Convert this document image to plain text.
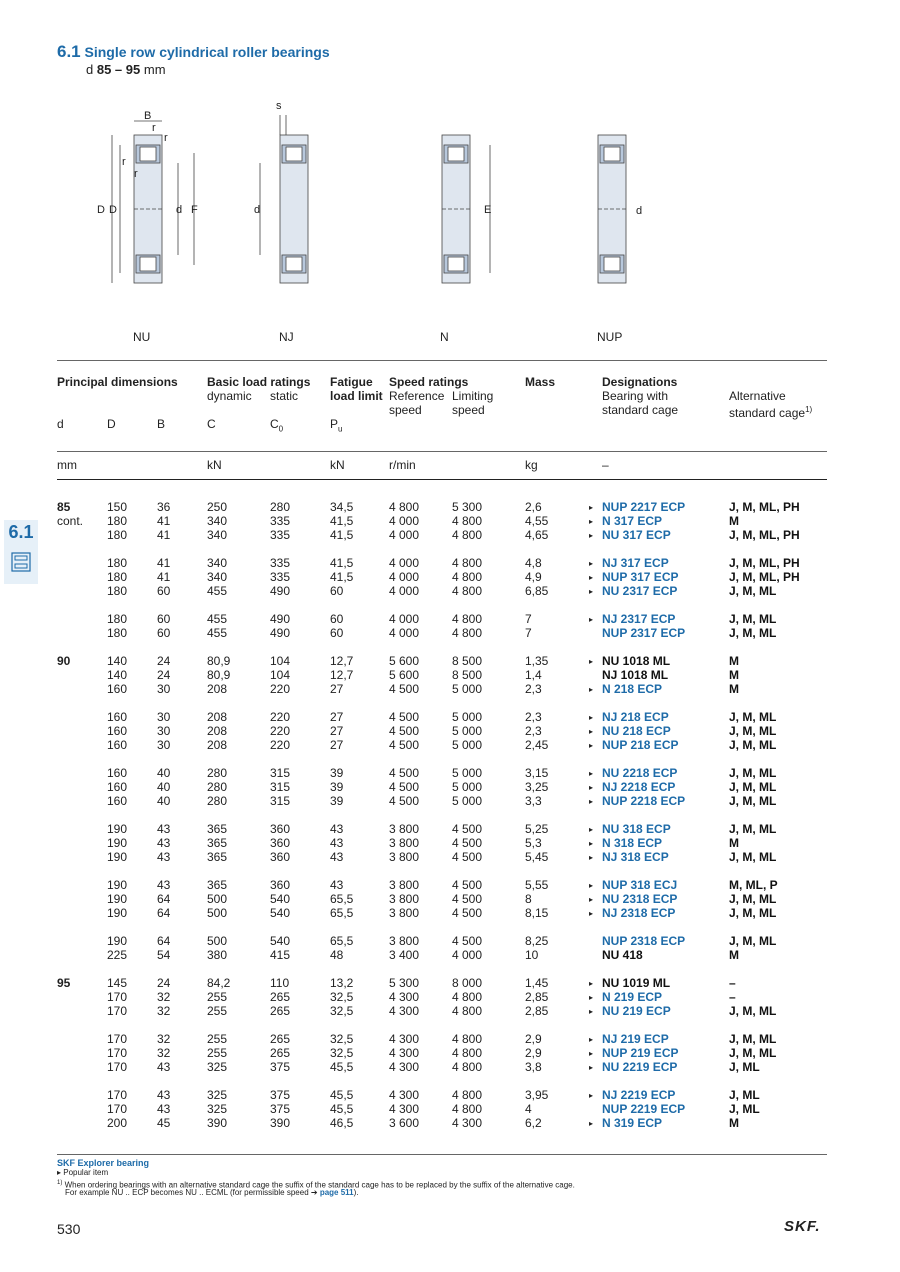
6.1 Single row cylindrical roller bearings
d 85 – 95 mm
B
r
r
r
r
D D	d F
s
d	E	d
NU	NJ	N	NUP
Principal dimensions Basic load ratings
dynamic static
Fatigue
load limit
Speed ratings
Reference
speed
Limiting
speed
Mass	Designations
Bearing with
standard cage
Alternative
standard cage$^{1)}$
d	D	B	C	$C_0$	$P_u$
mm	kN	kN	r/min	kg	–
6.1
85	150 36	250	280	34,5	4 800	5 300	2,6	▸ NUP 2217 ECP	J, M, ML, PH
cont. 180 41	340	335	41,5	4 000	4 800	4,55	▸ N 317 ECP	M
180 41	340	335	41,5	4 000	4 800	4,65	▸ NU 317 ECP	J, M, ML, PH
180 41	340	335	41,5	4 000	4 800	4,8	▸ NJ 317 ECP	J, M, ML, PH
180 41	340	335	41,5	4 000	4 800	4,9	▸ NUP 317 ECP	J, M, ML, PH
180 60	455	490	60	4 000	4 800	6,85	▸ NU 2317 ECP	J, M, ML
180 60	455	490	60	4 000	4 800	7	▸ NJ 2317 ECP	J, M, ML
180 60	455	490	60	4 000	4 800	7	NUP 2317 ECP	J, M, ML
90	140 24	80,9	104	12,7	5 600	8 500	1,35	▸ NU 1018 ML	M
140 24	80,9	104	12,7	5 600	8 500	1,4	NJ 1018 ML	M
160 30	208	220	27	4 500	5 000	2,3	▸ N 218 ECP	M
160 30	208	220	27	4 500	5 000	2,3	▸ NJ 218 ECP	J, M, ML
160 30	208	220	27	4 500	5 000	2,3	▸ NU 218 ECP	J, M, ML
160 30	208	220	27	4 500	5 000	2,45	▸ NUP 218 ECP	J, M, ML
160 40	280	315	39	4 500	5 000	3,15	▸ NU 2218 ECP	J, M, ML
160 40	280	315	39	4 500	5 000	3,25	▸ NJ 2218 ECP	J, M, ML
160 40	280	315	39	4 500	5 000	3,3	▸ NUP 2218 ECP	J, M, ML
190 43	365	360	43	3 800	4 500	5,25	▸ NU 318 ECP	J, M, ML
190 43	365	360	43	3 800	4 500	5,3	▸ N 318 ECP	M
190 43	365	360	43	3 800	4 500	5,45	▸ NJ 318 ECP	J, M, ML
190 43	365	360	43	3 800	4 500	5,55	▸ NUP 318 ECJ	M, ML, P
190 64	500	540	65,5	3 800	4 500	8	▸ NU 2318 ECP	J, M, ML
190 64	500	540	65,5	3 800	4 500	8,15	▸ NJ 2318 ECP	J, M, ML
190 64	500	540	65,5	3 800	4 500	8,25	NUP 2318 ECP	J, M, ML
225 54	380	415	48	3 400	4 000	10	NU 418	M
95	145 24	84,2	110	13,2	5 300	8 000	1,45	▸ NU 1019 ML	–
170 32	255	265	32,5	4 300	4 800	2,85	▸ N 219 ECP	–
170 32	255	265	32,5	4 300	4 800	2,85	▸ NU 219 ECP	J, M, ML
170 32	255	265	32,5	4 300	4 800	2,9	▸ NJ 219 ECP	J, M, ML
170 32	255	265	32,5	4 300	4 800	2,9	▸ NUP 219 ECP	J, M, ML
170 43	325	375	45,5	4 300	4 800	3,8	▸ NU 2219 ECP	J, ML
170 43	325	375	45,5	4 300	4 800	3,95	▸ NJ 2219 ECP	J, ML
170 43	325	375	45,5	4 300	4 800	4	NUP 2219 ECP	J, ML
200 45	390	390	46,5	3 600	4 300	6,2	▸ N 319 ECP	M
SKF Explorer bearing
▸ Popular item
$^{1)}$ When ordering bearings with an alternative standard cage the suffix of the standard cage has to be replaced by the suffix of the alternative cage.
For example NU .. ECP becomes NU .. ECML (for permissible speed ➔ page 511).
530	SKF.
